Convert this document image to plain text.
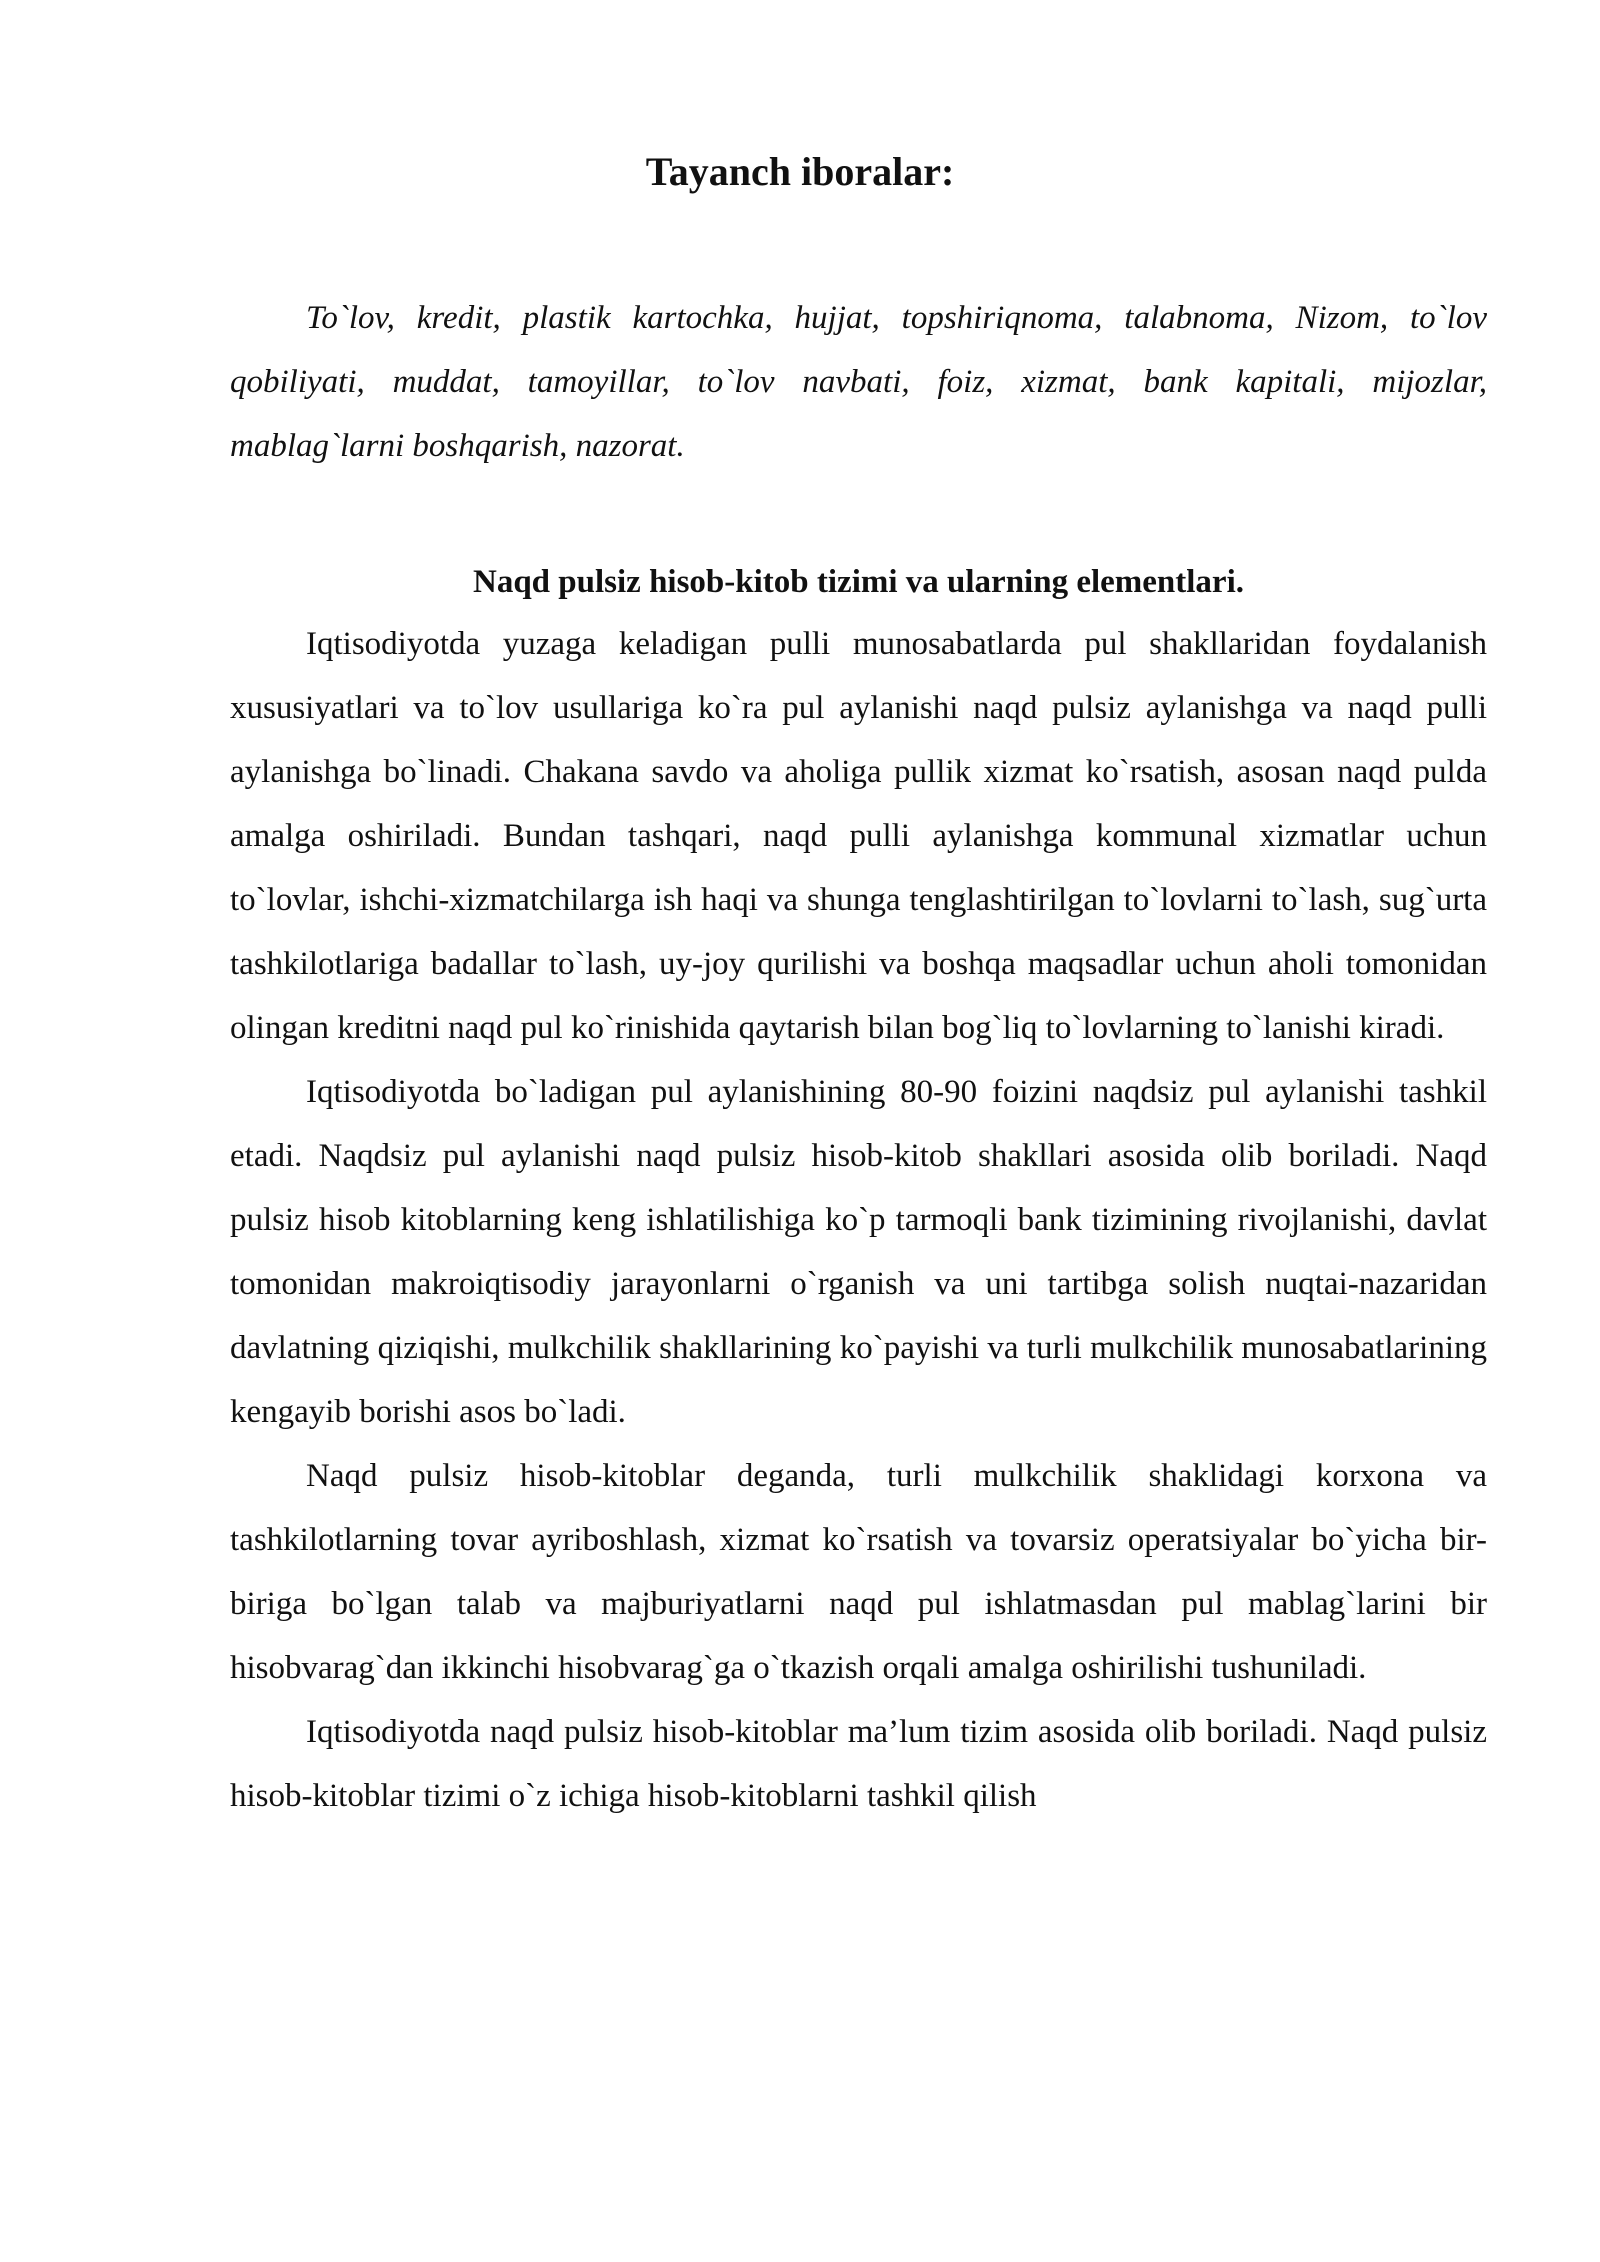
Tayanch iboralar:

To`lov, kredit, plastik kartochka, hujjat, topshiriqnoma, talabnoma, Nizom, to`lov qobiliyati, muddat, tamoyillar, to`lov navbati, foiz, xizmat, bank kapitali, mijozlar, mablag`larni boshqarish, nazorat.

Naqd pulsiz hisob-kitob tizimi va ularning elementlari.

Iqtisodiyotda yuzaga keladigan pulli munosabatlarda pul shakllaridan foydalanish xususiyatlari va to`lov usullariga ko`ra pul aylanishi naqd pulsiz aylanishga va naqd pulli aylanishga bo`linadi. Chakana savdo va aholiga pullik xizmat ko`rsatish, asosan naqd pulda amalga oshiriladi. Bundan tashqari, naqd pulli aylanishga kommunal xizmatlar uchun to`lovlar, ishchi-xizmatchilarga ish haqi va shunga tenglashtirilgan to`lovlarni to`lash, sug`urta tashkilotlariga badallar to`lash, uy-joy qurilishi va boshqa maqsadlar uchun aholi tomonidan olingan kreditni naqd pul ko`rinishida qaytarish bilan bog`liq to`lovlarning to`lanishi kiradi.

Iqtisodiyotda bo`ladigan pul aylanishining 80-90 foizini naqdsiz pul aylanishi tashkil etadi. Naqdsiz pul aylanishi naqd pulsiz hisob-kitob shakllari asosida olib boriladi. Naqd pulsiz hisob kitoblarning keng ishlatilishiga ko`p tarmoqli bank tizimining rivojlanishi, davlat tomonidan makroiqtisodiy jarayonlarni o`rganish va uni tartibga solish nuqtai-nazaridan davlatning qiziqishi, mulkchilik shakllarining ko`payishi va turli mulkchilik munosabatlarining kengayib borishi asos bo`ladi.

Naqd pulsiz hisob-kitoblar deganda, turli mulkchilik shaklidagi korxona va tashkilotlarning tovar ayriboshlash, xizmat ko`rsatish va tovarsiz operatsiyalar bo`yicha bir-biriga bo`lgan talab va majburiyatlarni naqd pul ishlatmasdan pul mablag`larini bir hisobvarag`dan ikkinchi hisobvarag`ga o`tkazish orqali amalga oshirilishi tushuniladi.

Iqtisodiyotda naqd pulsiz hisob-kitoblar ma’lum tizim asosida olib boriladi. Naqd pulsiz hisob-kitoblar tizimi o`z ichiga hisob-kitoblarni tashkil qilish
